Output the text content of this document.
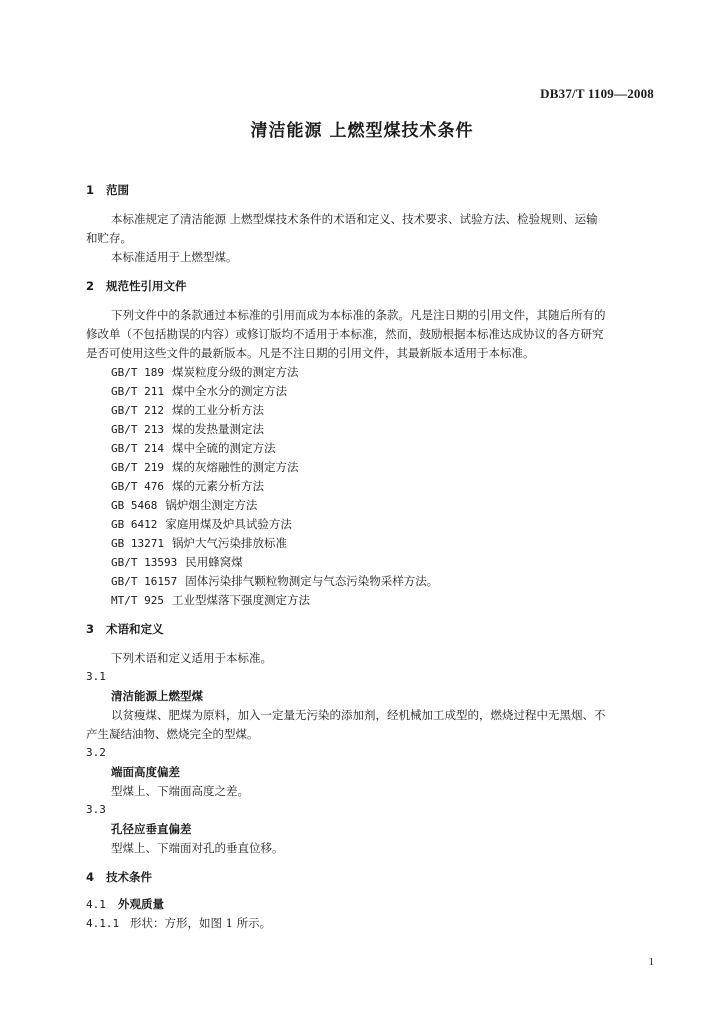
DB37/T 1109—2008
清洁能源 上燃型煤技术条件
1 范围
本标准规定了清洁能源 上燃型煤技术条件的术语和定义、技术要求、试验方法、检验规则、运输
和贮存。
本标准适用于上燃型煤。
2 规范性引用文件
下列文件中的条款通过本标准的引用而成为本标准的条款。凡是注日期的引用文件，其随后所有的
修改单（不包括勘误的内容）或修订版均不适用于本标准，然而，鼓励根据本标准达成协议的各方研究
是否可使用这些文件的最新版本。凡是不注日期的引用文件，其最新版本适用于本标准。
GB/T 189 煤炭粒度分级的测定方法
GB/T 211 煤中全水分的测定方法
GB/T 212 煤的工业分析方法
GB/T 213 煤的发热量测定法
GB/T 214 煤中全硫的测定方法
GB/T 219 煤的灰熔融性的测定方法
GB/T 476 煤的元素分析方法
GB 5468 锅炉烟尘测定方法
GB 6412 家庭用煤及炉具试验方法
GB 13271 锅炉大气污染排放标准
GB/T 13593 民用蜂窝煤
GB/T 16157 固体污染排气颗粒物测定与气态污染物采样方法。
MT/T 925 工业型煤落下强度测定方法
3 术语和定义
下列术语和定义适用于本标准。
3.1
清洁能源上燃型煤
以贫瘦煤、肥煤为原料，加入一定量无污染的添加剂，经机械加工成型的，燃烧过程中无黑烟、不
产生凝结油物、燃烧完全的型煤。
3.2
端面高度偏差
型煤上、下端面高度之差。
3.3
孔径应垂直偏差
型煤上、下端面对孔的垂直位移。
4 技术条件
4.1 外观质量
4.1.1 形状：方形，如图 1 所示。
1
